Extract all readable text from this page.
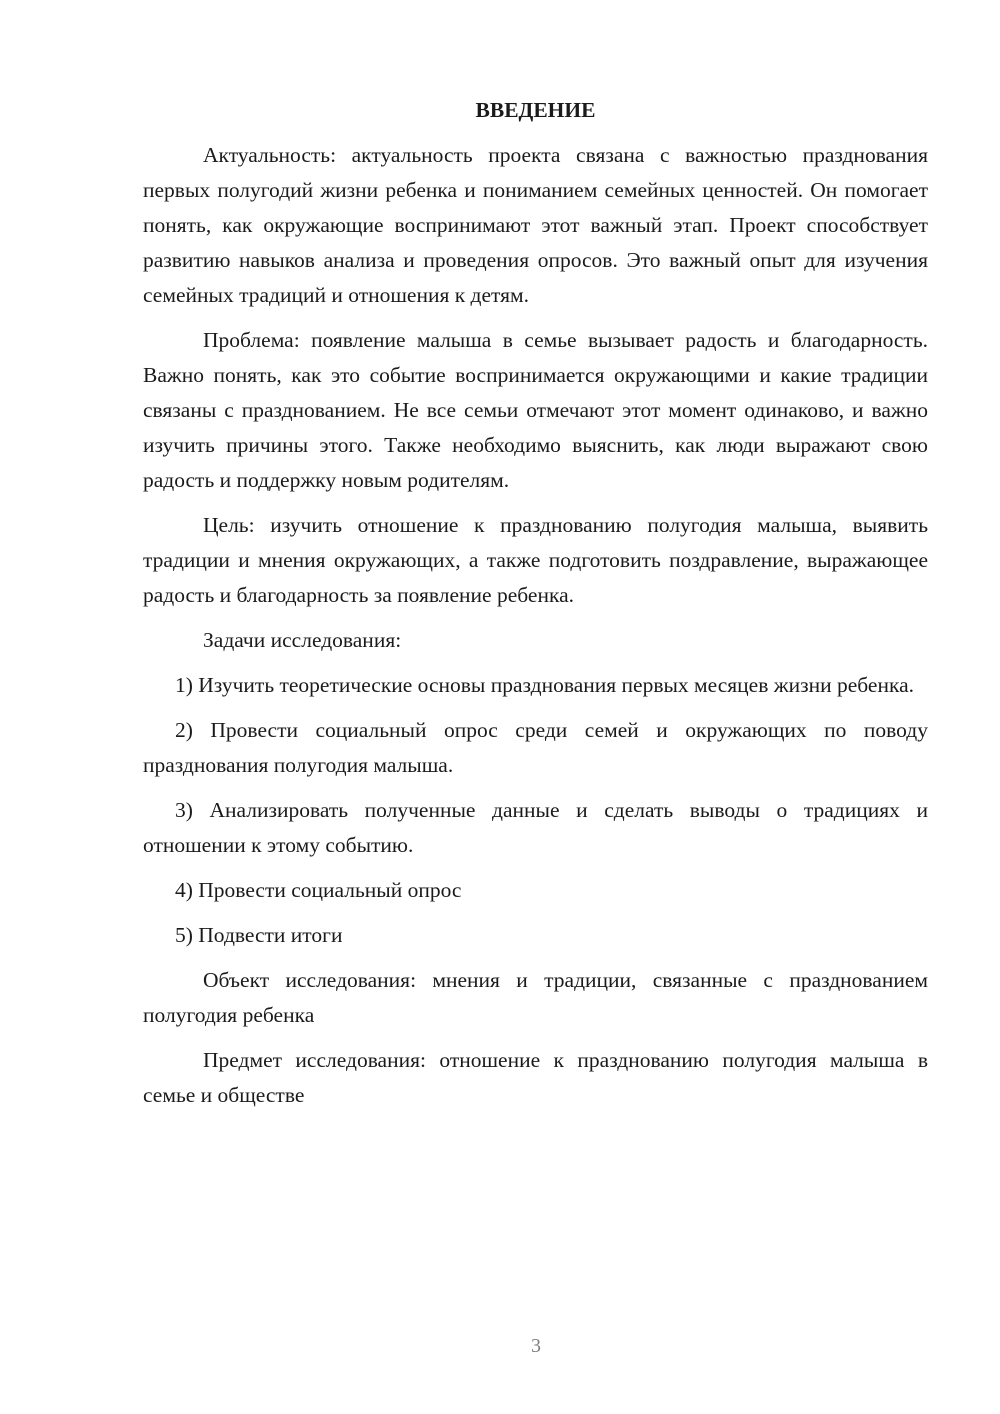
ВВЕДЕНИЕ

Актуальность: актуальность проекта связана с важностью празднования первых полугодий жизни ребенка и пониманием семейных ценностей. Он помогает понять, как окружающие воспринимают этот важный этап. Проект способствует развитию навыков анализа и проведения опросов. Это важный опыт для изучения семейных традиций и отношения к детям.

Проблема: появление малыша в семье вызывает радость и благодарность. Важно понять, как это событие воспринимается окружающими и какие традиции связаны с празднованием. Не все семьи отмечают этот момент одинаково, и важно изучить причины этого. Также необходимо выяснить, как люди выражают свою радость и поддержку новым родителям.

Цель: изучить отношение к празднованию полугодия малыша, выявить традиции и мнения окружающих, а также подготовить поздравление, выражающее радость и благодарность за появление ребенка.

Задачи исследования:

1) Изучить теоретические основы празднования первых месяцев жизни ребенка.

2) Провести социальный опрос среди семей и окружающих по поводу празднования полугодия малыша.

3) Анализировать полученные данные и сделать выводы о традициях и отношении к этому событию.

4) Провести социальный опрос

5) Подвести итоги

Объект исследования: мнения и традиции, связанные с празднованием полугодия ребенка

Предмет исследования: отношение к празднованию полугодия малыша в семье и обществе

3
